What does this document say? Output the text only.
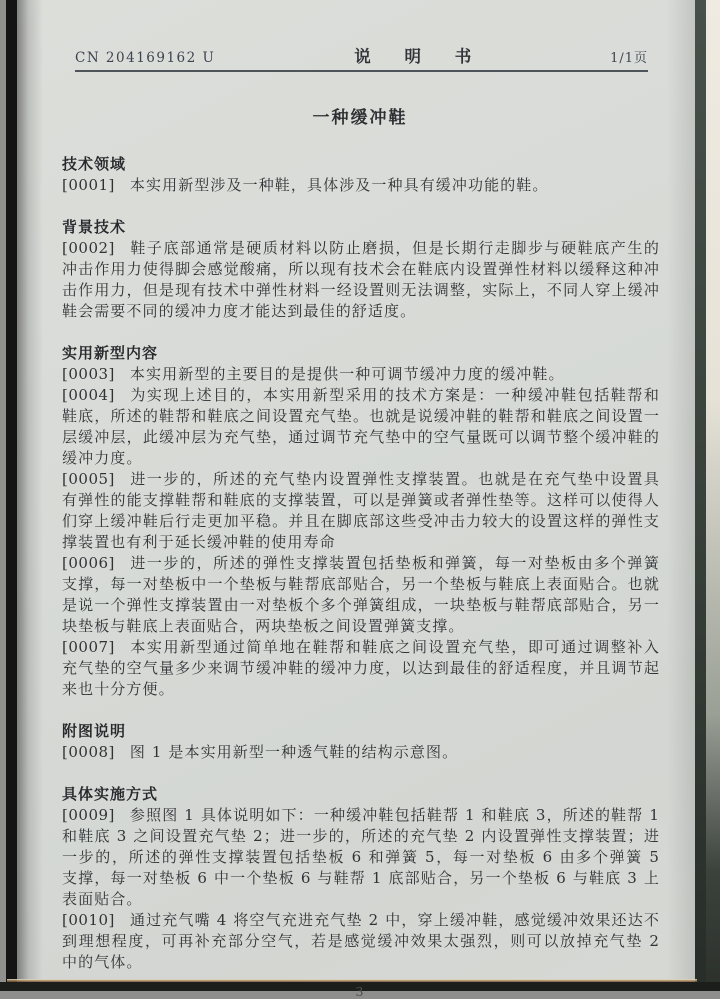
CN 204169162 U	说 明 书	1/1页
一种缓冲鞋
技术领域

[0001] 本实用新型涉及一种鞋，具体涉及一种具有缓冲功能的鞋。

背景技术

[0002] 鞋子底部通常是硬质材料以防止磨损，但是长期行走脚步与硬鞋底产生的冲击作用力使得脚会感觉酸痛，所以现有技术会在鞋底内设置弹性材料以缓释这种冲击作用力，但是现有技术中弹性材料一经设置则无法调整，实际上，不同人穿上缓冲鞋会需要不同的缓冲力度才能达到最佳的舒适度。

实用新型内容

[0003] 本实用新型的主要目的是提供一种可调节缓冲力度的缓冲鞋。

[0004] 为实现上述目的，本实用新型采用的技术方案是：一种缓冲鞋包括鞋帮和鞋底，所述的鞋帮和鞋底之间设置充气垫。也就是说缓冲鞋的鞋帮和鞋底之间设置一层缓冲层，此缓冲层为充气垫，通过调节充气垫中的空气量既可以调节整个缓冲鞋的缓冲力度。

[0005] 进一步的，所述的充气垫内设置弹性支撑装置。也就是在充气垫中设置具有弹性的能支撑鞋帮和鞋底的支撑装置，可以是弹簧或者弹性垫等。这样可以使得人们穿上缓冲鞋后行走更加平稳。并且在脚底部这些受冲击力较大的设置这样的弹性支撑装置也有利于延长缓冲鞋的使用寿命

[0006] 进一步的，所述的弹性支撑装置包括垫板和弹簧，每一对垫板由多个弹簧支撑，每一对垫板中一个垫板与鞋帮底部贴合，另一个垫板与鞋底上表面贴合。也就是说一个弹性支撑装置由一对垫板个多个弹簧组成，一块垫板与鞋帮底部贴合，另一块垫板与鞋底上表面贴合，两块垫板之间设置弹簧支撑。

[0007] 本实用新型通过简单地在鞋帮和鞋底之间设置充气垫，即可通过调整补入充气垫的空气量多少来调节缓冲鞋的缓冲力度，以达到最佳的舒适程度，并且调节起来也十分方便。

附图说明

[0008] 图 1 是本实用新型一种透气鞋的结构示意图。

具体实施方式

[0009] 参照图 1 具体说明如下：一种缓冲鞋包括鞋帮 1 和鞋底 3，所述的鞋帮 1 和鞋底 3 之间设置充气垫 2；进一步的，所述的充气垫 2 内设置弹性支撑装置；进一步的，所述的弹性支撑装置包括垫板 6 和弹簧 5，每一对垫板 6 由多个弹簧 5 支撑，每一对垫板 6 中一个垫板 6 与鞋帮 1 底部贴合，另一个垫板 6 与鞋底 3 上表面贴合。

[0010] 通过充气嘴 4 将空气充进充气垫 2 中，穿上缓冲鞋，感觉缓冲效果还达不到理想程度，可再补充部分空气，若是感觉缓冲效果太强烈，则可以放掉充气垫 2 中的气体。

3
